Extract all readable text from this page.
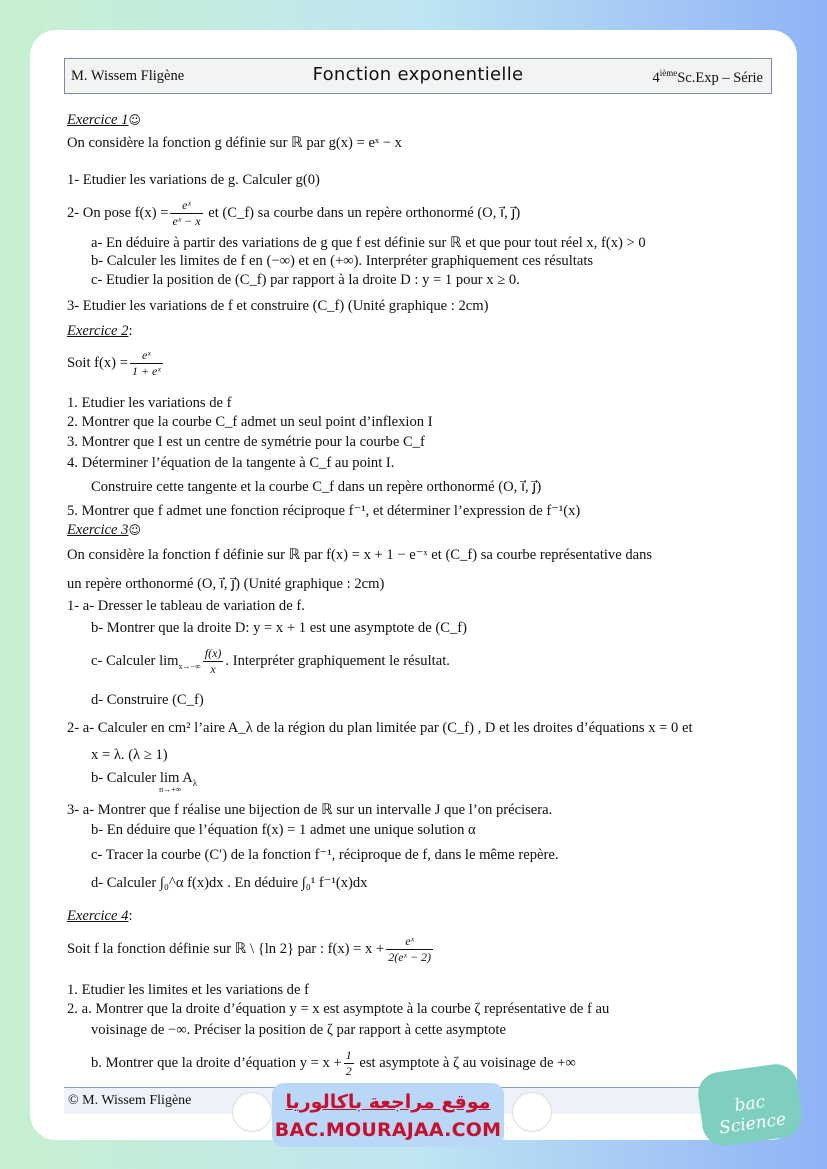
M. Wissem Fligène	Fonction exponentielle	4ièmeSc.Exp – Série
Exercice 1☺
On considère la fonction g définie sur ℝ par g(x) = eˣ − x
1- Etudier les variations de g. Calculer g(0)
2- On pose $f(x) = \frac{\text{eˣ}}{\text{eˣ − x}}$ et (C_f) sa courbe dans un repère orthonormé (O, i⃗, j⃗)
a- En déduire à partir des variations de g que f est définie sur ℝ et que pour tout réel x, f(x) > 0
b- Calculer les limites de f en (−∞) et en (+∞). Interpréter graphiquement ces résultats
c- Etudier la position de (C_f) par rapport à la droite D : y = 1 pour x ≥ 0.
3- Etudier les variations de f et construire (C_f) (Unité graphique : 2cm)
Exercice 2:
Soit $f(x) = \frac{\text{eˣ}}{\text{1 + eˣ}}$
1. Etudier les variations de f
2. Montrer que la courbe C_f admet un seul point d’inflexion I
3. Montrer que I est un centre de symétrie pour la courbe C_f
4. Déterminer l’équation de la tangente à C_f au point I.
Construire cette tangente et la courbe C_f dans un repère orthonormé (O, i⃗, j⃗)
5. Montrer que f admet une fonction réciproque f⁻¹, et déterminer l’expression de f⁻¹(x)
Exercice 3☺
On considère la fonction f définie sur ℝ par f(x) = x + 1 − e⁻ˣ et (C_f) sa courbe représentative dans
un repère orthonormé (O, i⃗, j⃗) (Unité graphique : 2cm)
1- a- Dresser le tableau de variation de f.
b- Montrer que la droite D: y = x + 1 est une asymptote de (C_f)
c- Calculer $\lim_{x\to-\infty} \frac{f(x)}{x}$ . Interpréter graphiquement le résultat.
d- Construire (C_f)
2- a- Calculer en cm² l’aire A_λ de la région du plan limitée par (C_f) , D et les droites d’équations x = 0 et
x = λ. (λ ≥ 1)
b- Calculer $\lim A_{\lambda n\to+\infty}$
3- a- Montrer que f réalise une bijection de ℝ sur un intervalle J que l’on précisera.
b- En déduire que l’équation f(x) = 1 admet une unique solution α
c- Tracer la courbe (C′) de la fonction f⁻¹, réciproque de f, dans le même repère.
d- Calculer ∫₀^α f(x)dx . En déduire ∫₀¹ f⁻¹(x)dx
Exercice 4:
Soit f la fonction définie sur ℝ \ {ln 2} par : $f(x) = x + \frac{\text{eˣ}}{\text{2(eˣ − 2)}}$
1. Etudier les limites et les variations de f
2. a. Montrer que la droite d’équation y = x est asymptote à la courbe ζ représentative de f au
voisinage de −∞. Préciser la position de ζ par rapport à cette asymptote
b. Montrer que la droite d’équation $y = x + \frac{1}{2}$ est asymptote à ζ au voisinage de +∞
© M. Wissem Fligène	موقع مراجعة باكالوريا
BAC.MOURAJAA.COM
bac Science
